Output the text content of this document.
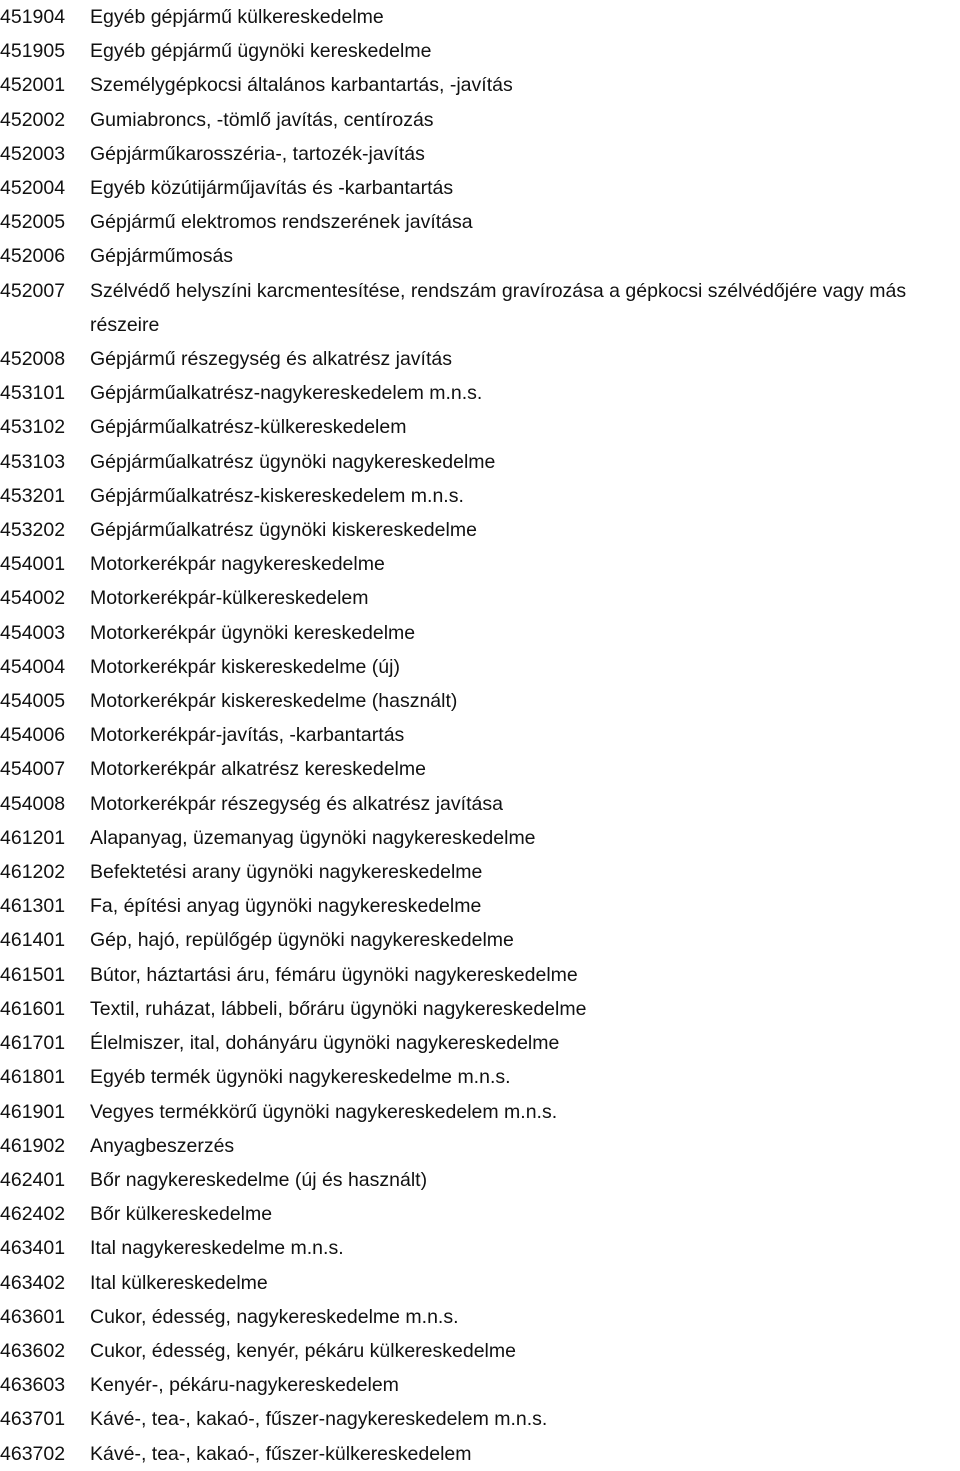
451904	Egyéb gépjármű külkereskedelme
451905	Egyéb gépjármű ügynöki kereskedelme
452001	Személygépkocsi általános karbantartás, -javítás
452002	Gumiabroncs, -tömlő javítás, centírozás
452003	Gépjárműkarosszéria-, tartozék-javítás
452004	Egyéb közútijárműjavítás és -karbantartás
452005	Gépjármű elektromos rendszerének javítása
452006	Gépjárműmosás
452007	Szélvédő helyszíni karcmentesítése, rendszám gravírozása a gépkocsi szélvédőjére vagy más részeire
452008	Gépjármű részegység és alkatrész javítás
453101	Gépjárműalkatrész-nagykereskedelem m.n.s.
453102	Gépjárműalkatrész-külkereskedelem
453103	Gépjárműalkatrész ügynöki nagykereskedelme
453201	Gépjárműalkatrész-kiskereskedelem m.n.s.
453202	Gépjárműalkatrész ügynöki kiskereskedelme
454001	Motorkerékpár nagykereskedelme
454002	Motorkerékpár-külkereskedelem
454003	Motorkerékpár ügynöki kereskedelme
454004	Motorkerékpár kiskereskedelme (új)
454005	Motorkerékpár kiskereskedelme (használt)
454006	Motorkerékpár-javítás, -karbantartás
454007	Motorkerékpár alkatrész kereskedelme
454008	Motorkerékpár részegység és alkatrész javítása
461201	Alapanyag, üzemanyag ügynöki nagykereskedelme
461202	Befektetési arany ügynöki nagykereskedelme
461301	Fa, építési anyag ügynöki nagykereskedelme
461401	Gép, hajó, repülőgép ügynöki nagykereskedelme
461501	Bútor, háztartási áru, fémáru ügynöki nagykereskedelme
461601	Textil, ruházat, lábbeli, bőráru ügynöki nagykereskedelme
461701	Élelmiszer, ital, dohányáru ügynöki nagykereskedelme
461801	Egyéb termék ügynöki nagykereskedelme m.n.s.
461901	Vegyes termékkörű ügynöki nagykereskedelem m.n.s.
461902	Anyagbeszerzés
462401	Bőr nagykereskedelme (új és használt)
462402	Bőr külkereskedelme
463401	Ital nagykereskedelme m.n.s.
463402	Ital külkereskedelme
463601	Cukor, édesség, nagykereskedelme m.n.s.
463602	Cukor, édesség, kenyér, pékáru külkereskedelme
463603	Kenyér-, pékáru-nagykereskedelem
463701	Kávé-, tea-, kakaó-, fűszer-nagykereskedelem m.n.s.
463702	Kávé-, tea-, kakaó-, fűszer-külkereskedelem
